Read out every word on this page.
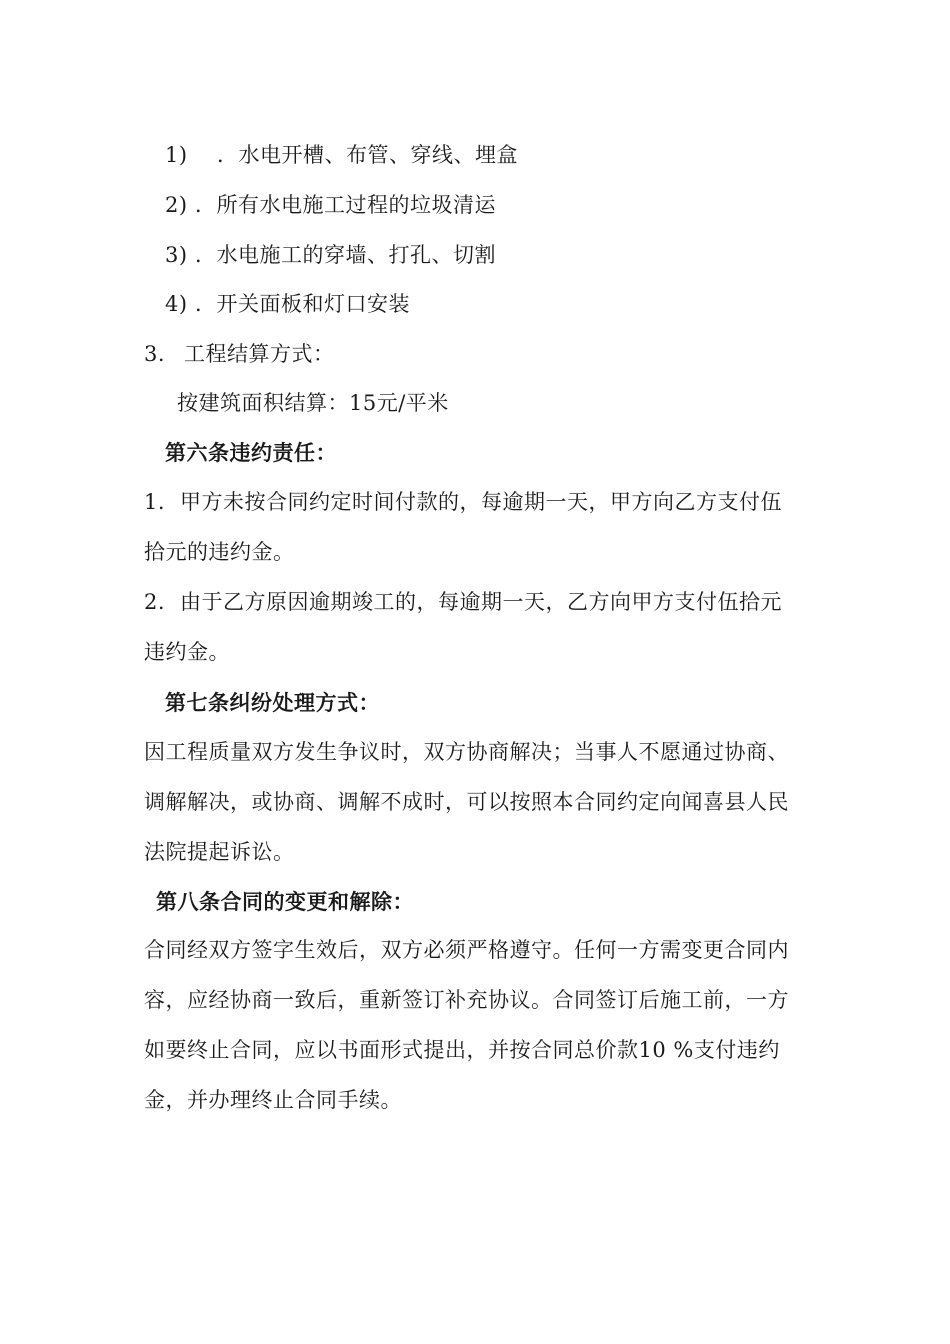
1) ．水电开槽、布管、穿线、埋盒
2) ．所有水电施工过程的垃圾清运
3) ．水电施工的穿墙、打孔、切割
4) ．开关面板和灯口安装
3. 工程结算方式：
按建筑面积结算：15元/平米
第六条违约责任：
1. 甲方未按合同约定时间付款的，每逾期一天，甲方向乙方支付伍
拾元的违约金。
2. 由于乙方原因逾期竣工的，每逾期一天，乙方向甲方支付伍拾元
违约金。
第七条纠纷处理方式：
因工程质量双方发生争议时，双方协商解决；当事人不愿通过协商、
调解解决，或协商、调解不成时，可以按照本合同约定向闻喜县人民
法院提起诉讼。
第八条合同的变更和解除：
合同经双方签字生效后，双方必须严格遵守。任何一方需变更合同内
容，应经协商一致后，重新签订补充协议。合同签订后施工前，一方
如要终止合同，应以书面形式提出，并按合同总价款10 %支付违约
金，并办理终止合同手续。
